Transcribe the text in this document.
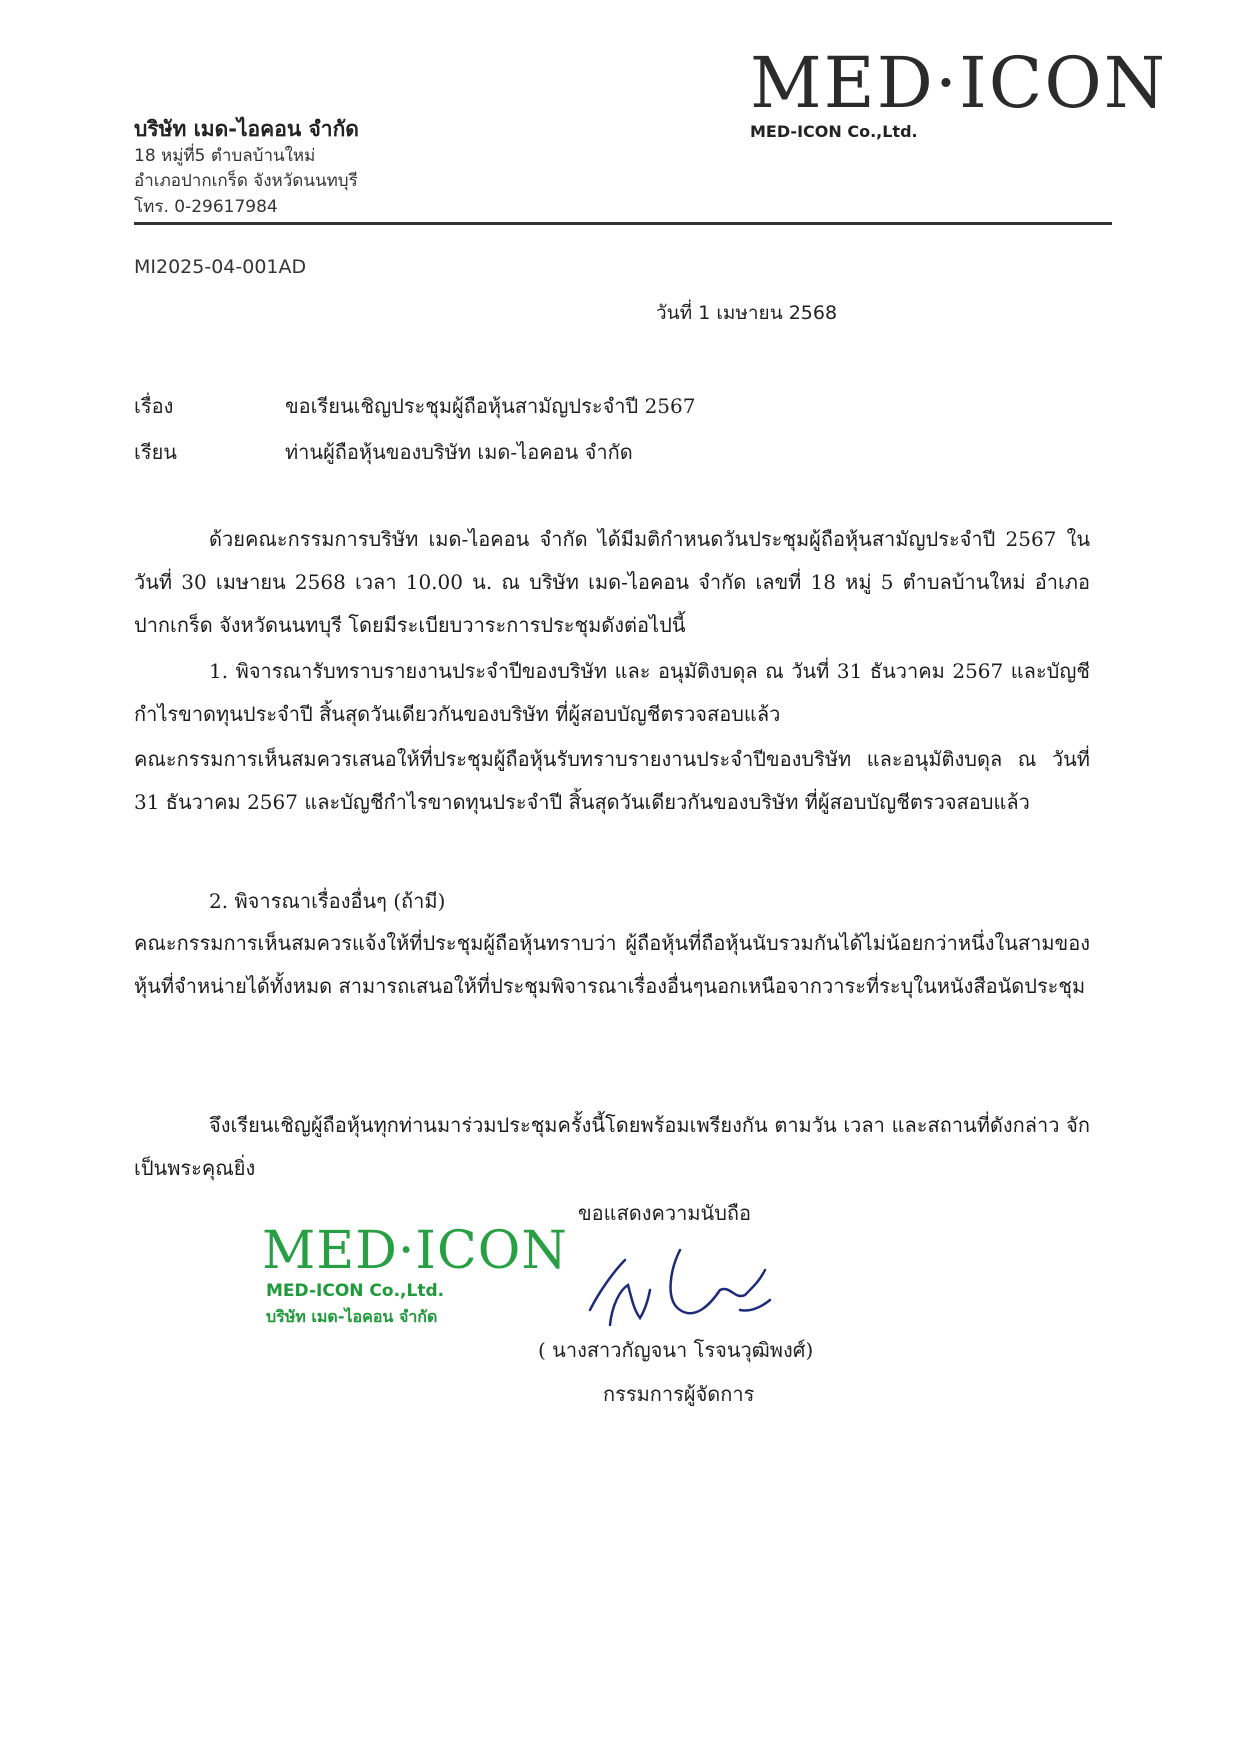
บริษัท เมด-ไอคอน จำกัด
18 หมู่ที่5 ตำบลบ้านใหม่
อำเภอปากเกร็ด จังหวัดนนทบุรี
โทร. 0-29617984
MED·ICON
MED-ICON Co.,Ltd.
MI2025-04-001AD
วันที่ 1 เมษายน 2568
เรื่อง	ขอเรียนเชิญประชุมผู้ถือหุ้นสามัญประจำปี 2567
เรียน	ท่านผู้ถือหุ้นของบริษัท เมด-ไอคอน จำกัด
ด้วยคณะกรรมการบริษัท เมด-ไอคอน จำกัด ได้มีมติกำหนดวันประชุมผู้ถือหุ้นสามัญประจำปี 2567 ในวันที่ 30 เมษายน 2568 เวลา 10.00 น. ณ บริษัท เมด-ไอคอน จำกัด เลขที่ 18 หมู่ 5 ตำบลบ้านใหม่ อำเภอปากเกร็ด จังหวัดนนทบุรี โดยมีระเบียบวาระการประชุมดังต่อไปนี้
1. พิจารณารับทราบรายงานประจำปีของบริษัท และ อนุมัติงบดุล ณ วันที่ 31 ธันวาคม 2567 และบัญชีกำไรขาดทุนประจำปี สิ้นสุดวันเดียวกันของบริษัท ที่ผู้สอบบัญชีตรวจสอบแล้ว
คณะกรรมการเห็นสมควรเสนอให้ที่ประชุมผู้ถือหุ้นรับทราบรายงานประจำปีของบริษัท และอนุมัติงบดุล ณ วันที่ 31 ธันวาคม 2567 และบัญชีกำไรขาดทุนประจำปี สิ้นสุดวันเดียวกันของบริษัท ที่ผู้สอบบัญชีตรวจสอบแล้ว
2. พิจารณาเรื่องอื่นๆ (ถ้ามี)
คณะกรรมการเห็นสมควรแจ้งให้ที่ประชุมผู้ถือหุ้นทราบว่า ผู้ถือหุ้นที่ถือหุ้นนับรวมกันได้ไม่น้อยกว่าหนึ่งในสามของหุ้นที่จำหน่ายได้ทั้งหมด สามารถเสนอให้ที่ประชุมพิจารณาเรื่องอื่นๆนอกเหนือจากวาระที่ระบุในหนังสือนัดประชุม
จึงเรียนเชิญผู้ถือหุ้นทุกท่านมาร่วมประชุมครั้งนี้โดยพร้อมเพรียงกัน ตามวัน เวลา และสถานที่ดังกล่าว จักเป็นพระคุณยิ่ง
MED·ICON
MED-ICON Co.,Ltd.
บริษัท เมด-ไอคอน จำกัด
ขอแสดงความนับถือ
( นางสาวกัญจนา โรจนวุฒิพงศ์)
กรรมการผู้จัดการ
